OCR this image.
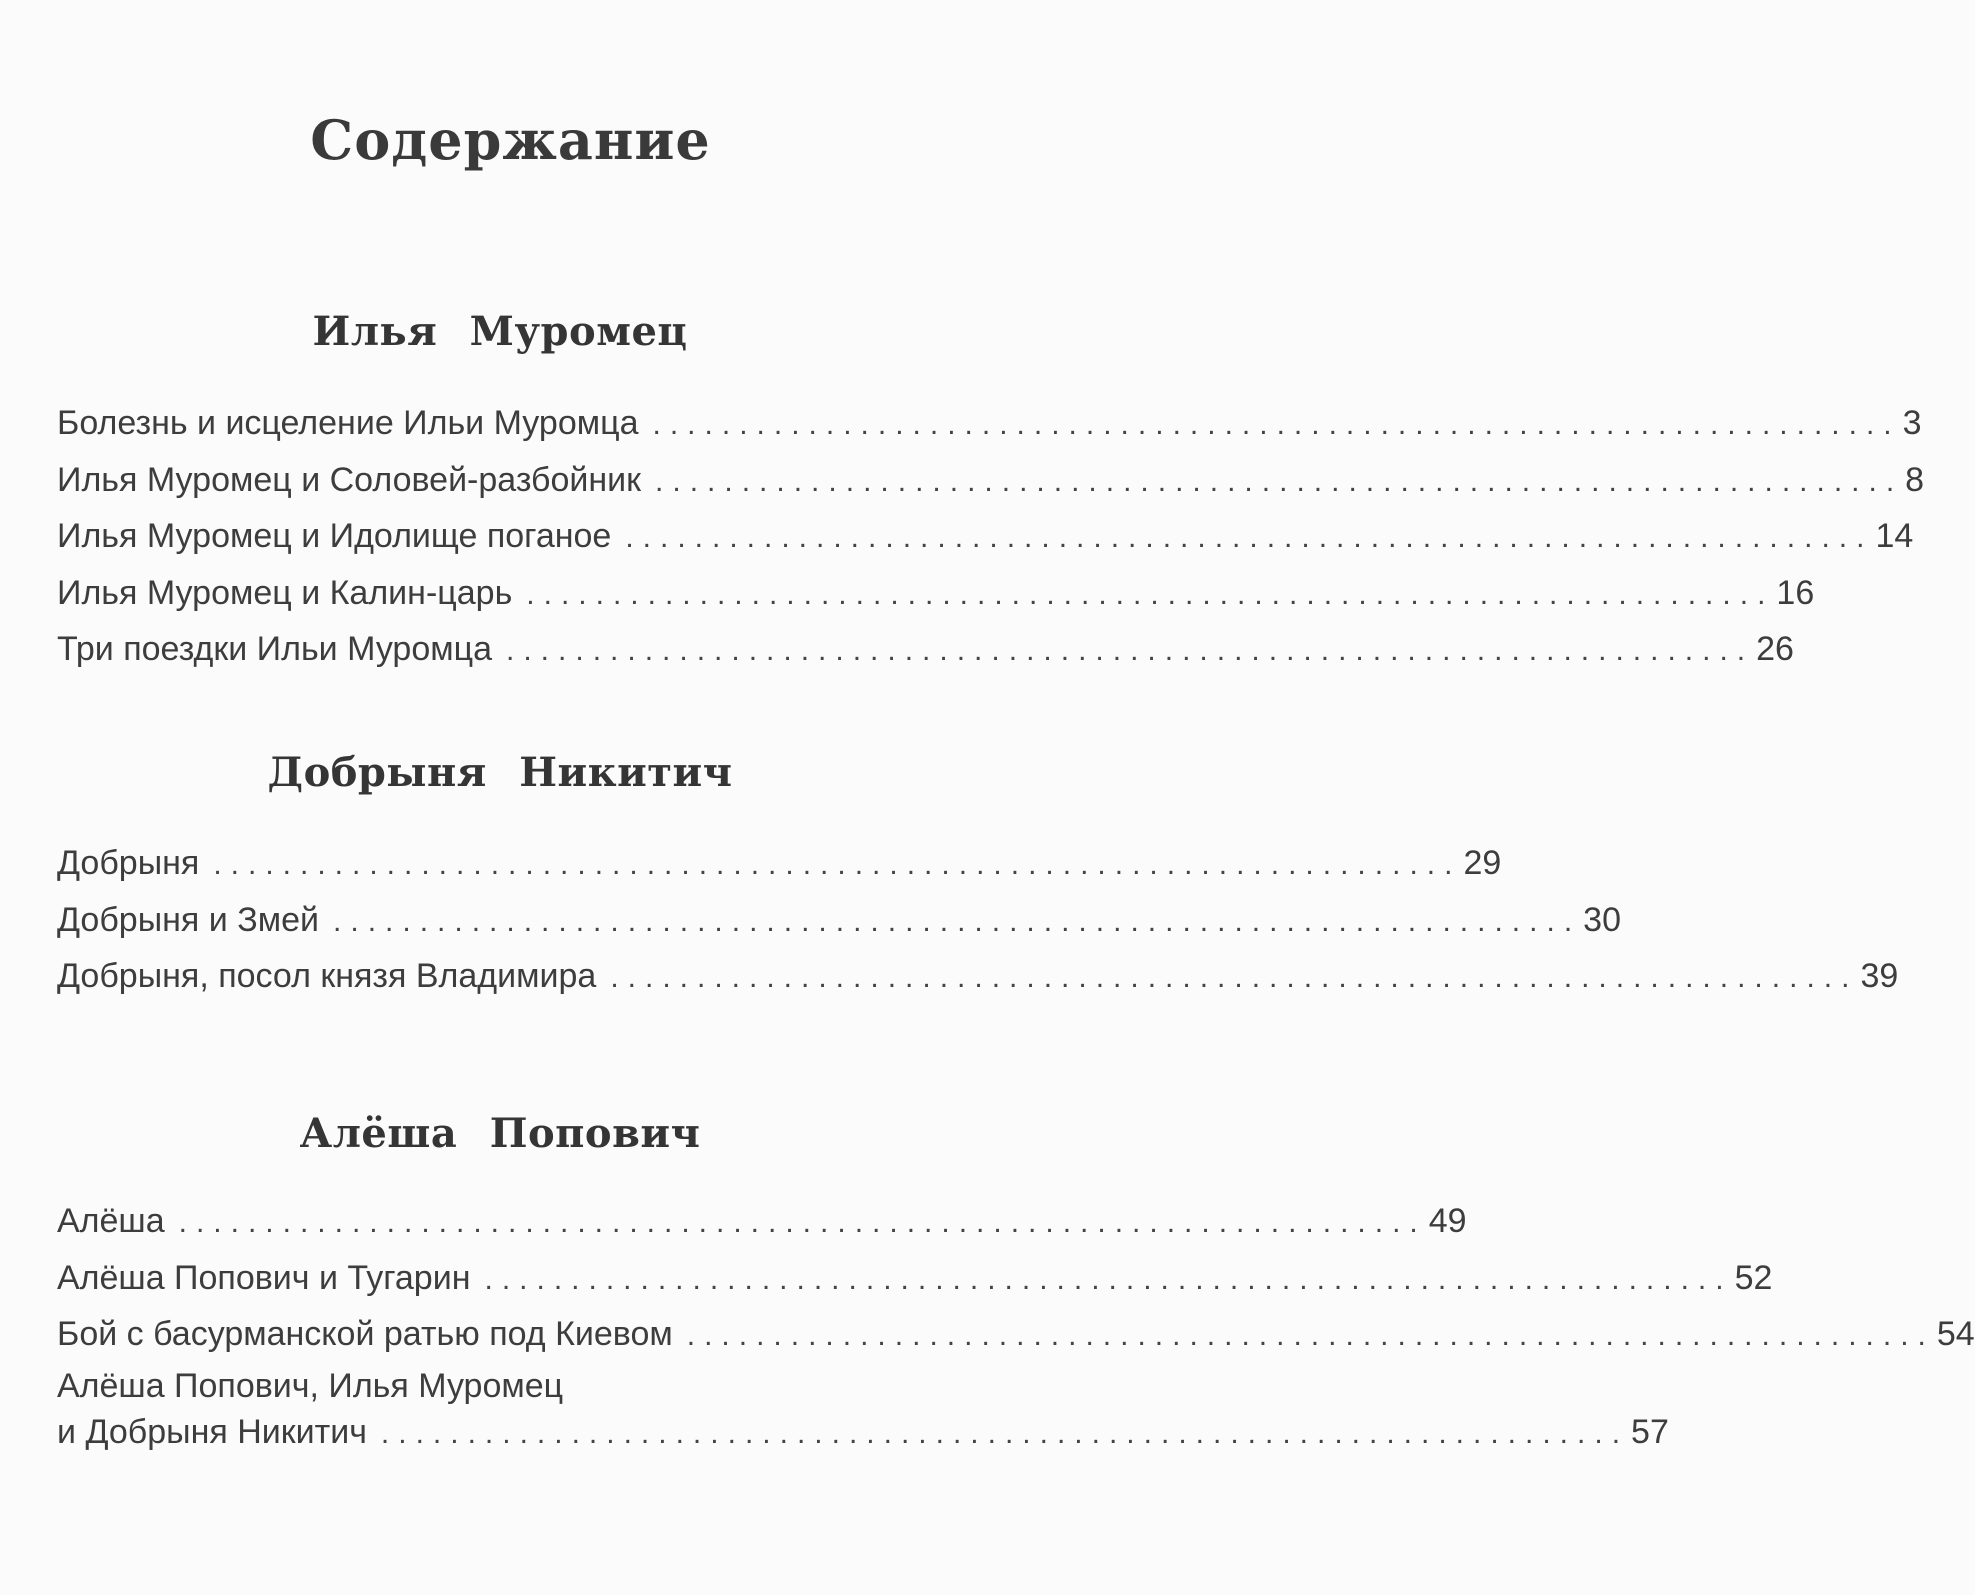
Содержание
Илья Муромец
Болезнь и исцеление Ильи Муромца ........................................................................ 3
Илья Муромец и Соловей-разбойник ........................................................................ 8
Илья Муромец и Идолище поганое ........................................................................ 14
Илья Муромец и Калин-царь ........................................................................ 16
Три поездки Ильи Муромца ........................................................................ 26
Добрыня Никитич
Добрыня ........................................................................ 29
Добрыня и Змей ........................................................................ 30
Добрыня, посол князя Владимира ........................................................................ 39
Алёша Попович
Алёша ........................................................................ 49
Алёша Попович и Тугарин ........................................................................ 52
Бой с басурманской ратью под Киевом ........................................................................ 54
Алёша Попович, Илья Муромец
и Добрыня Никитич ........................................................................ 57
